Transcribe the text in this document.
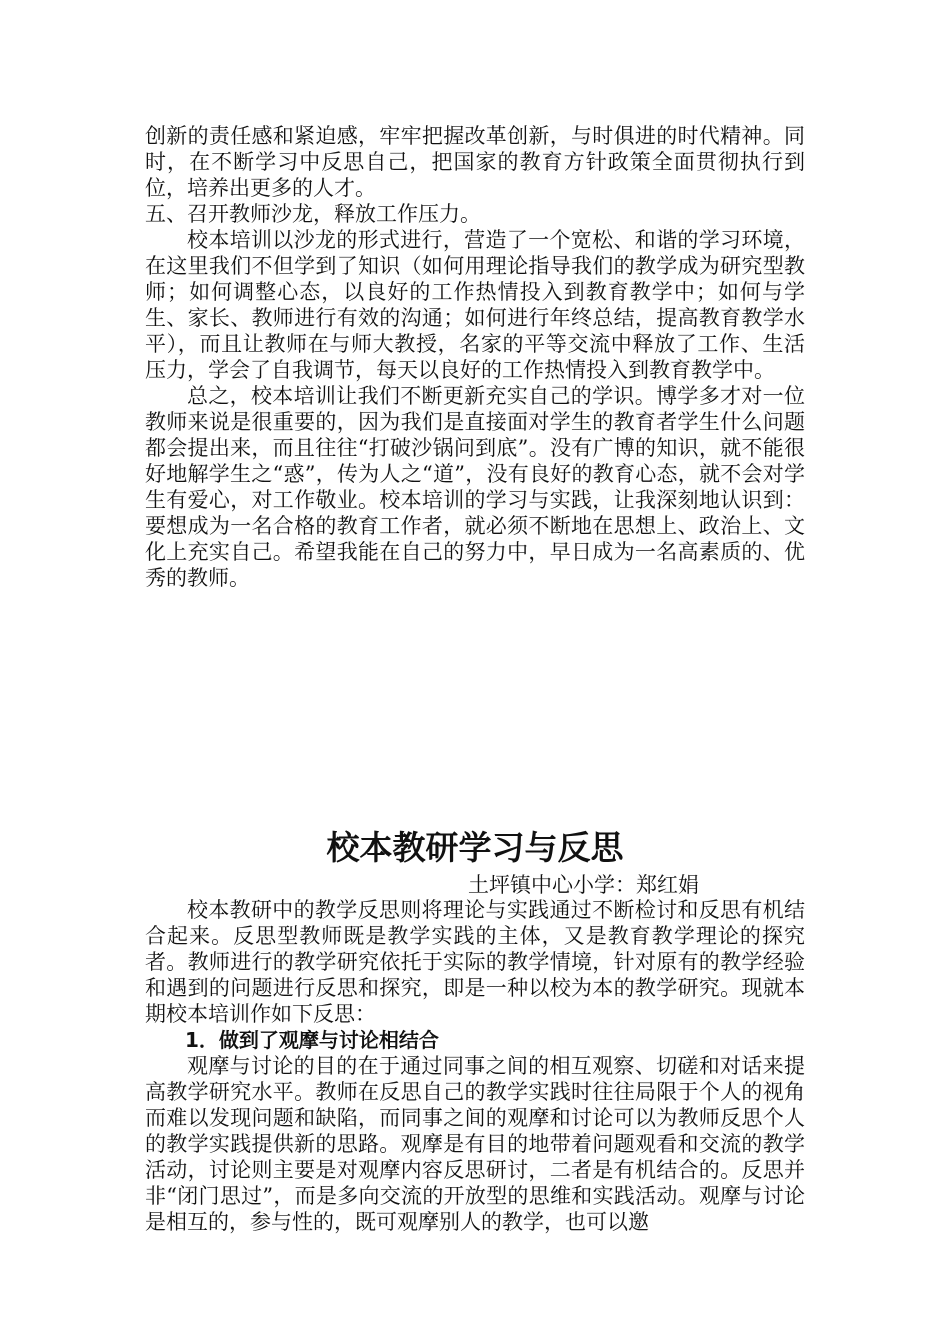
创新的责任感和紧迫感，牢牢把握改革创新，与时俱进的时代精神。同时，在不断学习中反思自己，把国家的教育方针政策全面贯彻执行到位，培养出更多的人才。

五、召开教师沙龙，释放工作压力。

校本培训以沙龙的形式进行，营造了一个宽松、和谐的学习环境，在这里我们不但学到了知识（如何用理论指导我们的教学成为研究型教师；如何调整心态，以良好的工作热情投入到教育教学中；如何与学生、家长、教师进行有效的沟通；如何进行年终总结，提高教育教学水平），而且让教师在与师大教授，名家的平等交流中释放了工作、生活压力，学会了自我调节，每天以良好的工作热情投入到教育教学中。

总之，校本培训让我们不断更新充实自己的学识。博学多才对一位教师来说是很重要的，因为我们是直接面对学生的教育者学生什么问题都会提出来，而且往往“打破沙锅问到底”。没有广博的知识，就不能很好地解学生之“惑”，传为人之“道”，没有良好的教育心态，就不会对学生有爱心，对工作敬业。校本培训的学习与实践，让我深刻地认识到：要想成为一名合格的教育工作者，就必须不断地在思想上、政治上、文化上充实自己。希望我能在自己的努力中，早日成为一名高素质的、优秀的教师。

校本教研学习与反思

土坪镇中心小学：郑红娟

校本教研中的教学反思则将理论与实践通过不断检讨和反思有机结合起来。反思型教师既是教学实践的主体，又是教育教学理论的探究者。教师进行的教学研究依托于实际的教学情境，针对原有的教学经验和遇到的问题进行反思和探究，即是一种以校为本的教学研究。现就本期校本培训作如下反思：

1．做到了观摩与讨论相结合

观摩与讨论的目的在于通过同事之间的相互观察、切磋和对话来提高教学研究水平。教师在反思自己的教学实践时往往局限于个人的视角而难以发现问题和缺陷，而同事之间的观摩和讨论可以为教师反思个人的教学实践提供新的思路。观摩是有目的地带着问题观看和交流的教学活动，讨论则主要是对观摩内容反思研讨，二者是有机结合的。反思并非“闭门思过”，而是多向交流的开放型的思维和实践活动。观摩与讨论是相互的，参与性的，既可观摩别人的教学，也可以邀
